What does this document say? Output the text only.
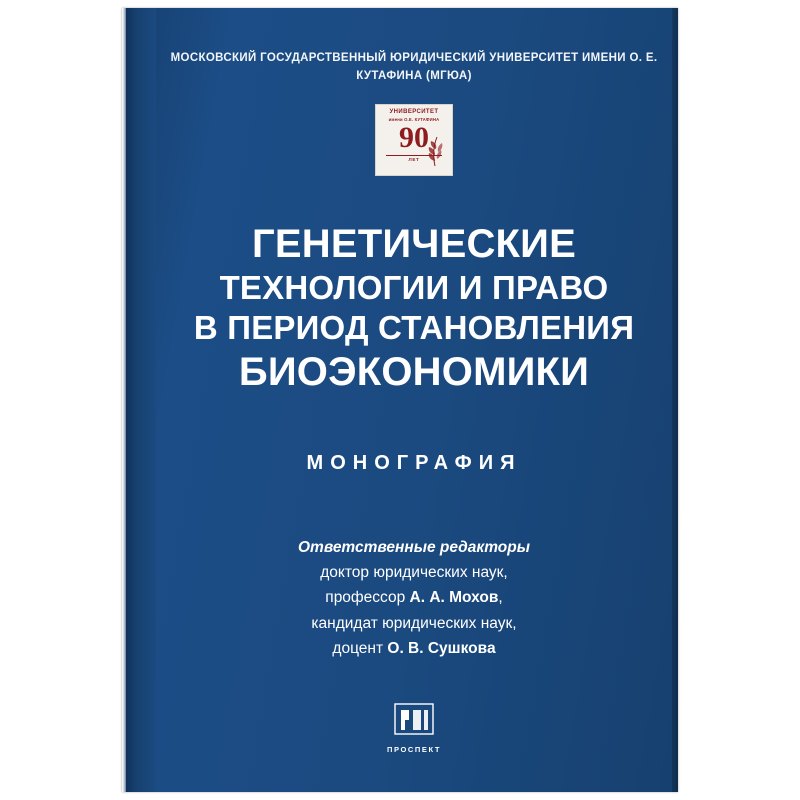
МОСКОВСКИЙ ГОСУДАРСТВЕННЫЙ ЮРИДИЧЕСКИЙ УНИВЕРСИТЕТ ИМЕНИ О. Е. КУТАФИНА (МГЮА)
УНИВЕРСИТЕТ
имени О.Е. КУТАФИНА
90
ЛЕТ
ГЕНЕТИЧЕСКИЕ
ТЕХНОЛОГИИ И ПРАВО
В ПЕРИОД СТАНОВЛЕНИЯ
БИОЭКОНОМИКИ
МОНОГРАФИЯ
Ответственные редакторы
доктор юридических наук,
профессор А. А. Мохов,
кандидат юридических наук,
доцент О. В. Сушкова
ПРОСПЕКТ
